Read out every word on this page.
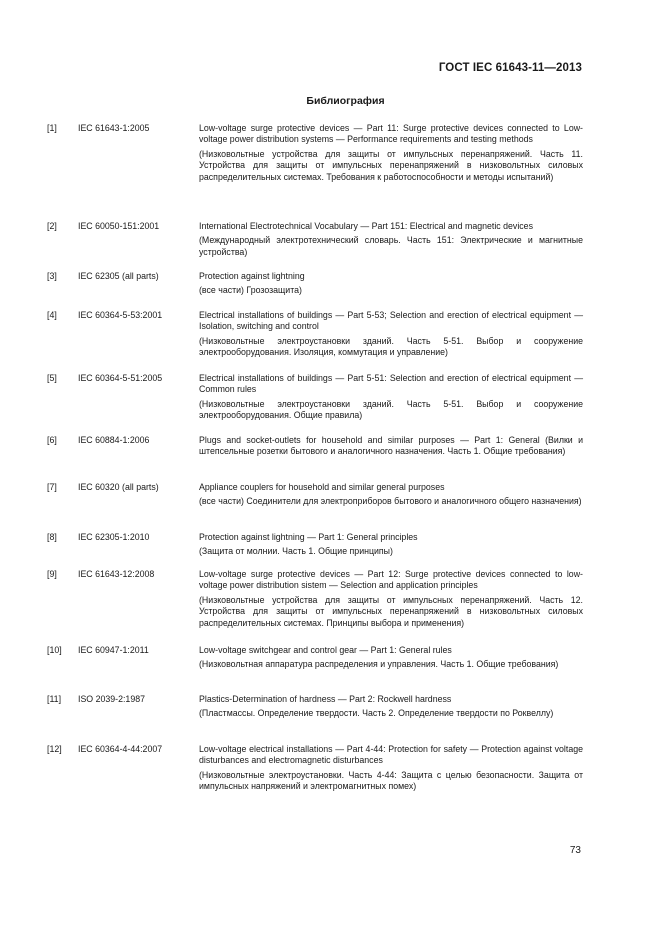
ГОСТ IEC 61643-11—2013
Библиография
[1] IEC 61643-1:2005	Low-voltage surge protective devices — Part 11: Surge protective devices connected to Low-voltage power distribution systems — Performance requirements and testing methods

(Низковольтные устройства для защиты от импульсных перенапряжений. Часть 11. Устройства для защиты от импульсных перенапряжений в низковольтных силовых распределительных системах. Требования к работоспособности и методы испытаний)

[2] IEC 60050-151:2001	International Electrotechnical Vocabulary — Part 151: Electrical and magnetic devices

(Международный электротехнический словарь. Часть 151: Электрические и магнитные устройства)

[3] IEC 62305 (all parts)	Protection against lightning

(все части) Грозозащита)

[4] IEC 60364-5-53:2001	Electrical installations of buildings — Part 5-53; Selection and erection of electrical equipment — Isolation, switching and control

(Низковольтные электроустановки зданий. Часть 5-51. Выбор и сооружение электрооборудования. Изоляция, коммутация и управление)

[5] IEC 60364-5-51:2005	Electrical installations of buildings — Part 5-51: Selection and erection of electrical equipment — Common rules

(Низковольтные электроустановки зданий. Часть 5-51. Выбор и сооружение электрооборудования. Общие правила)

[6] IEC 60884-1:2006	Plugs and socket-outlets for household and similar purposes — Part 1: General (Вилки и штепсельные розетки бытового и аналогичного назначения. Часть 1. Общие требования)

[7] IEC 60320 (all parts)	Appliance couplers for household and similar general purposes

(все части) Соединители для электроприборов бытового и аналогичного общего назначения)

[8] IEC 62305-1:2010	Protection against lightning — Part 1: General principles

(Защита от молнии. Часть 1. Общие принципы)

[9] IEC 61643-12:2008	Low-voltage surge protective devices — Part 12: Surge protective devices connected to low-voltage power distribution sistem — Selection and application principles

(Низковольтные устройства для защиты от импульсных перенапряжений. Часть 12. Устройства для защиты от импульсных перенапряжений в низковольтных силовых распределительных системах. Принципы выбора и применения)

[10] IEC 60947-1:2011	Low-voltage switchgear and control gear — Part 1: General rules

(Низковольтная аппаратура распределения и управления. Часть 1. Общие требования)

[11] ISO 2039-2:1987	Plastics-Determination of hardness — Part 2: Rockwell hardness

(Пластмассы. Определение твердости. Часть 2. Определение твердости по Роквеллу)

[12] IEC 60364-4-44:2007	Low-voltage electrical installations — Part 4-44: Protection for safety — Protection against voltage disturbances and electromagnetic disturbances

(Низковольтные электроустановки. Часть 4-44: Защита с целью безопасности. Защита от импульсных напряжений и электромагнитных помех)

73
